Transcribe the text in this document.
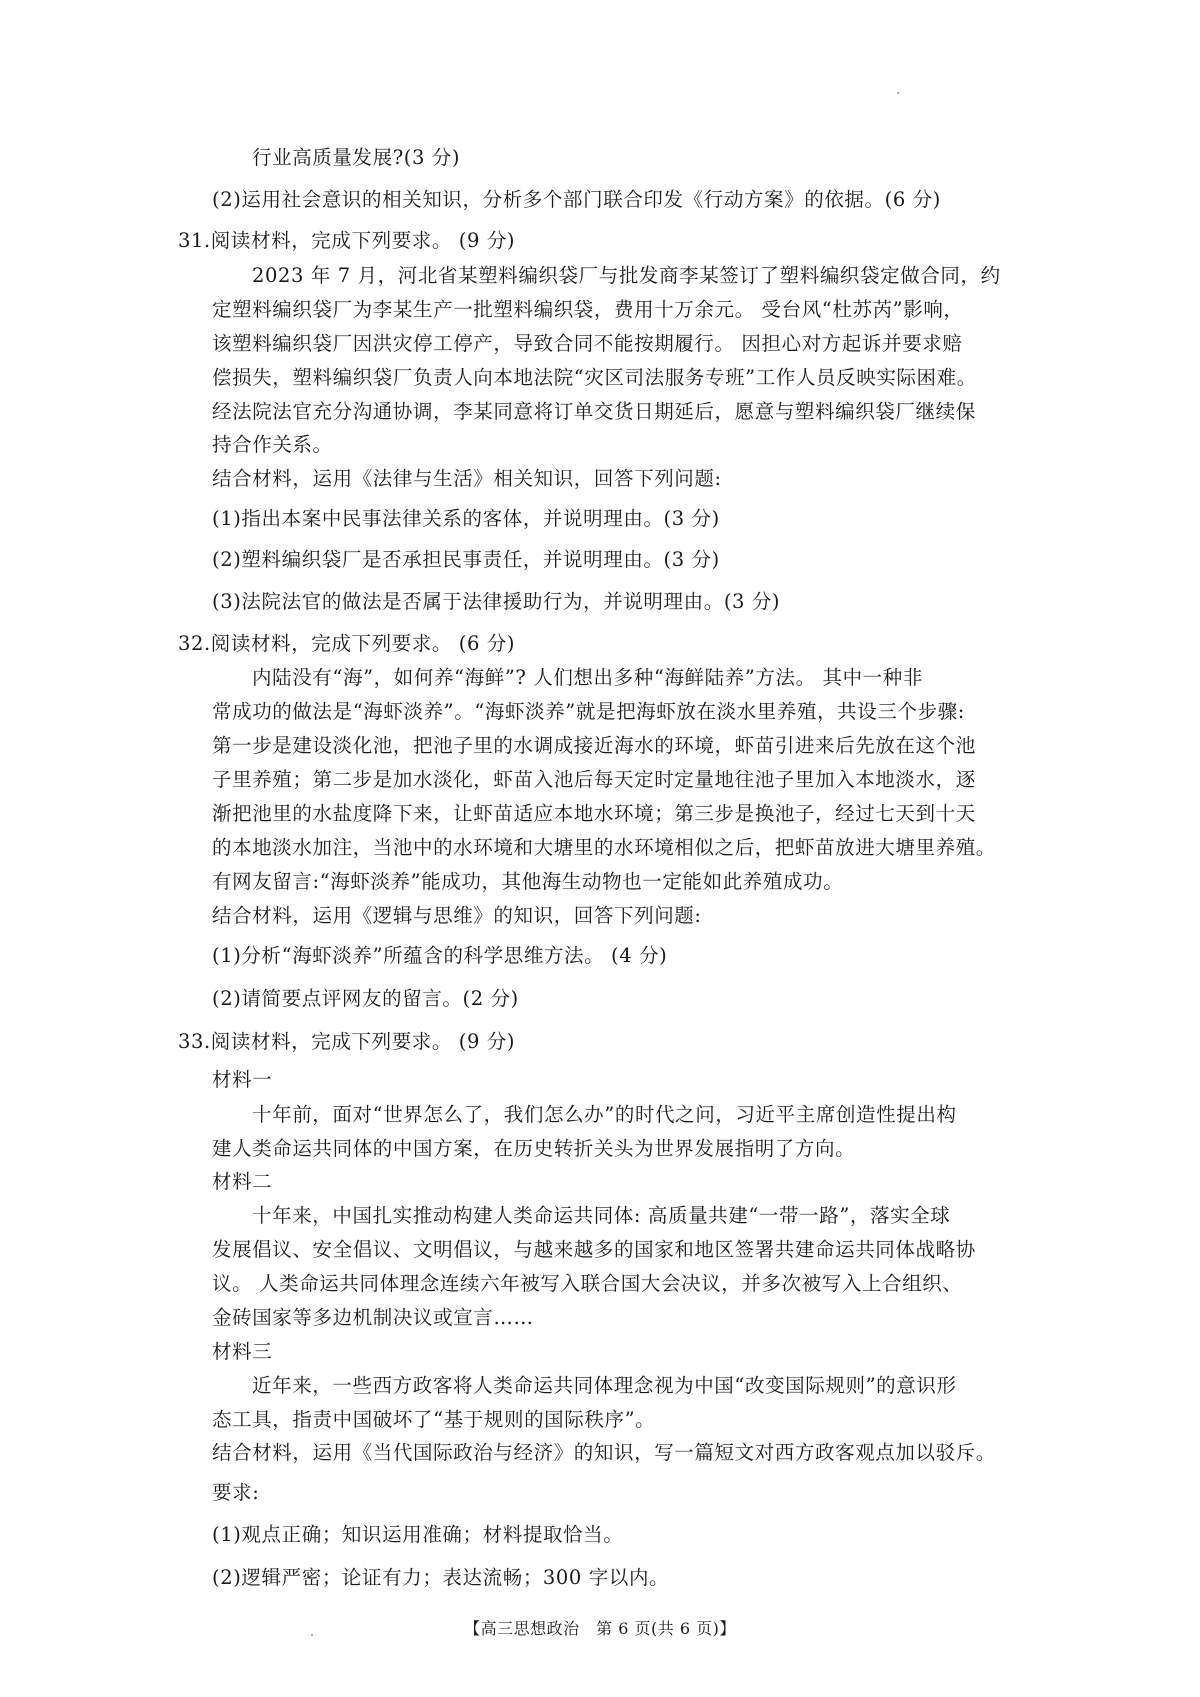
行业高质量发展?(3 分)
(2)运用社会意识的相关知识，分析多个部门联合印发《行动方案》的依据。(6 分)
31.阅读材料，完成下列要求。 (9 分)
2023 年 7 月，河北省某塑料编织袋厂与批发商李某签订了塑料编织袋定做合同，约
定塑料编织袋厂为李某生产一批塑料编织袋，费用十万余元。 受台风“杜苏芮”影响，
该塑料编织袋厂因洪灾停工停产，导致合同不能按期履行。 因担心对方起诉并要求赔
偿损失，塑料编织袋厂负责人向本地法院“灾区司法服务专班”工作人员反映实际困难。
经法院法官充分沟通协调，李某同意将订单交货日期延后，愿意与塑料编织袋厂继续保
持合作关系。
结合材料，运用《法律与生活》相关知识，回答下列问题:
(1)指出本案中民事法律关系的客体，并说明理由。(3 分)
(2)塑料编织袋厂是否承担民事责任，并说明理由。(3 分)
(3)法院法官的做法是否属于法律援助行为，并说明理由。(3 分)
32.阅读材料，完成下列要求。 (6 分)
内陆没有“海”，如何养“海鲜”? 人们想出多种“海鲜陆养”方法。 其中一种非
常成功的做法是“海虾淡养”。“海虾淡养”就是把海虾放在淡水里养殖，共设三个步骤:
第一步是建设淡化池，把池子里的水调成接近海水的环境，虾苗引进来后先放在这个池
子里养殖；第二步是加水淡化，虾苗入池后每天定时定量地往池子里加入本地淡水，逐
渐把池里的水盐度降下来，让虾苗适应本地水环境；第三步是换池子，经过七天到十天
的本地淡水加注，当池中的水环境和大塘里的水环境相似之后，把虾苗放进大塘里养殖。
有网友留言:“海虾淡养”能成功，其他海生动物也一定能如此养殖成功。
结合材料，运用《逻辑与思维》的知识，回答下列问题:
(1)分析“海虾淡养”所蕴含的科学思维方法。 (4 分)
(2)请简要点评网友的留言。(2 分)
33.阅读材料，完成下列要求。 (9 分)
材料一
十年前，面对“世界怎么了，我们怎么办”的时代之问，习近平主席创造性提出构
建人类命运共同体的中国方案，在历史转折关头为世界发展指明了方向。
材料二
十年来，中国扎实推动构建人类命运共同体: 高质量共建“一带一路”，落实全球
发展倡议、安全倡议、文明倡议，与越来越多的国家和地区签署共建命运共同体战略协
议。 人类命运共同体理念连续六年被写入联合国大会决议，并多次被写入上合组织、
金砖国家等多边机制决议或宣言……
材料三
近年来，一些西方政客将人类命运共同体理念视为中国“改变国际规则”的意识形
态工具，指责中国破坏了“基于规则的国际秩序”。
结合材料，运用《当代国际政治与经济》的知识，写一篇短文对西方政客观点加以驳斥。
要求:
(1)观点正确；知识运用准确；材料提取恰当。
(2)逻辑严密；论证有力；表达流畅；300 字以内。
【高三思想政治　第 6 页(共 6 页)】
